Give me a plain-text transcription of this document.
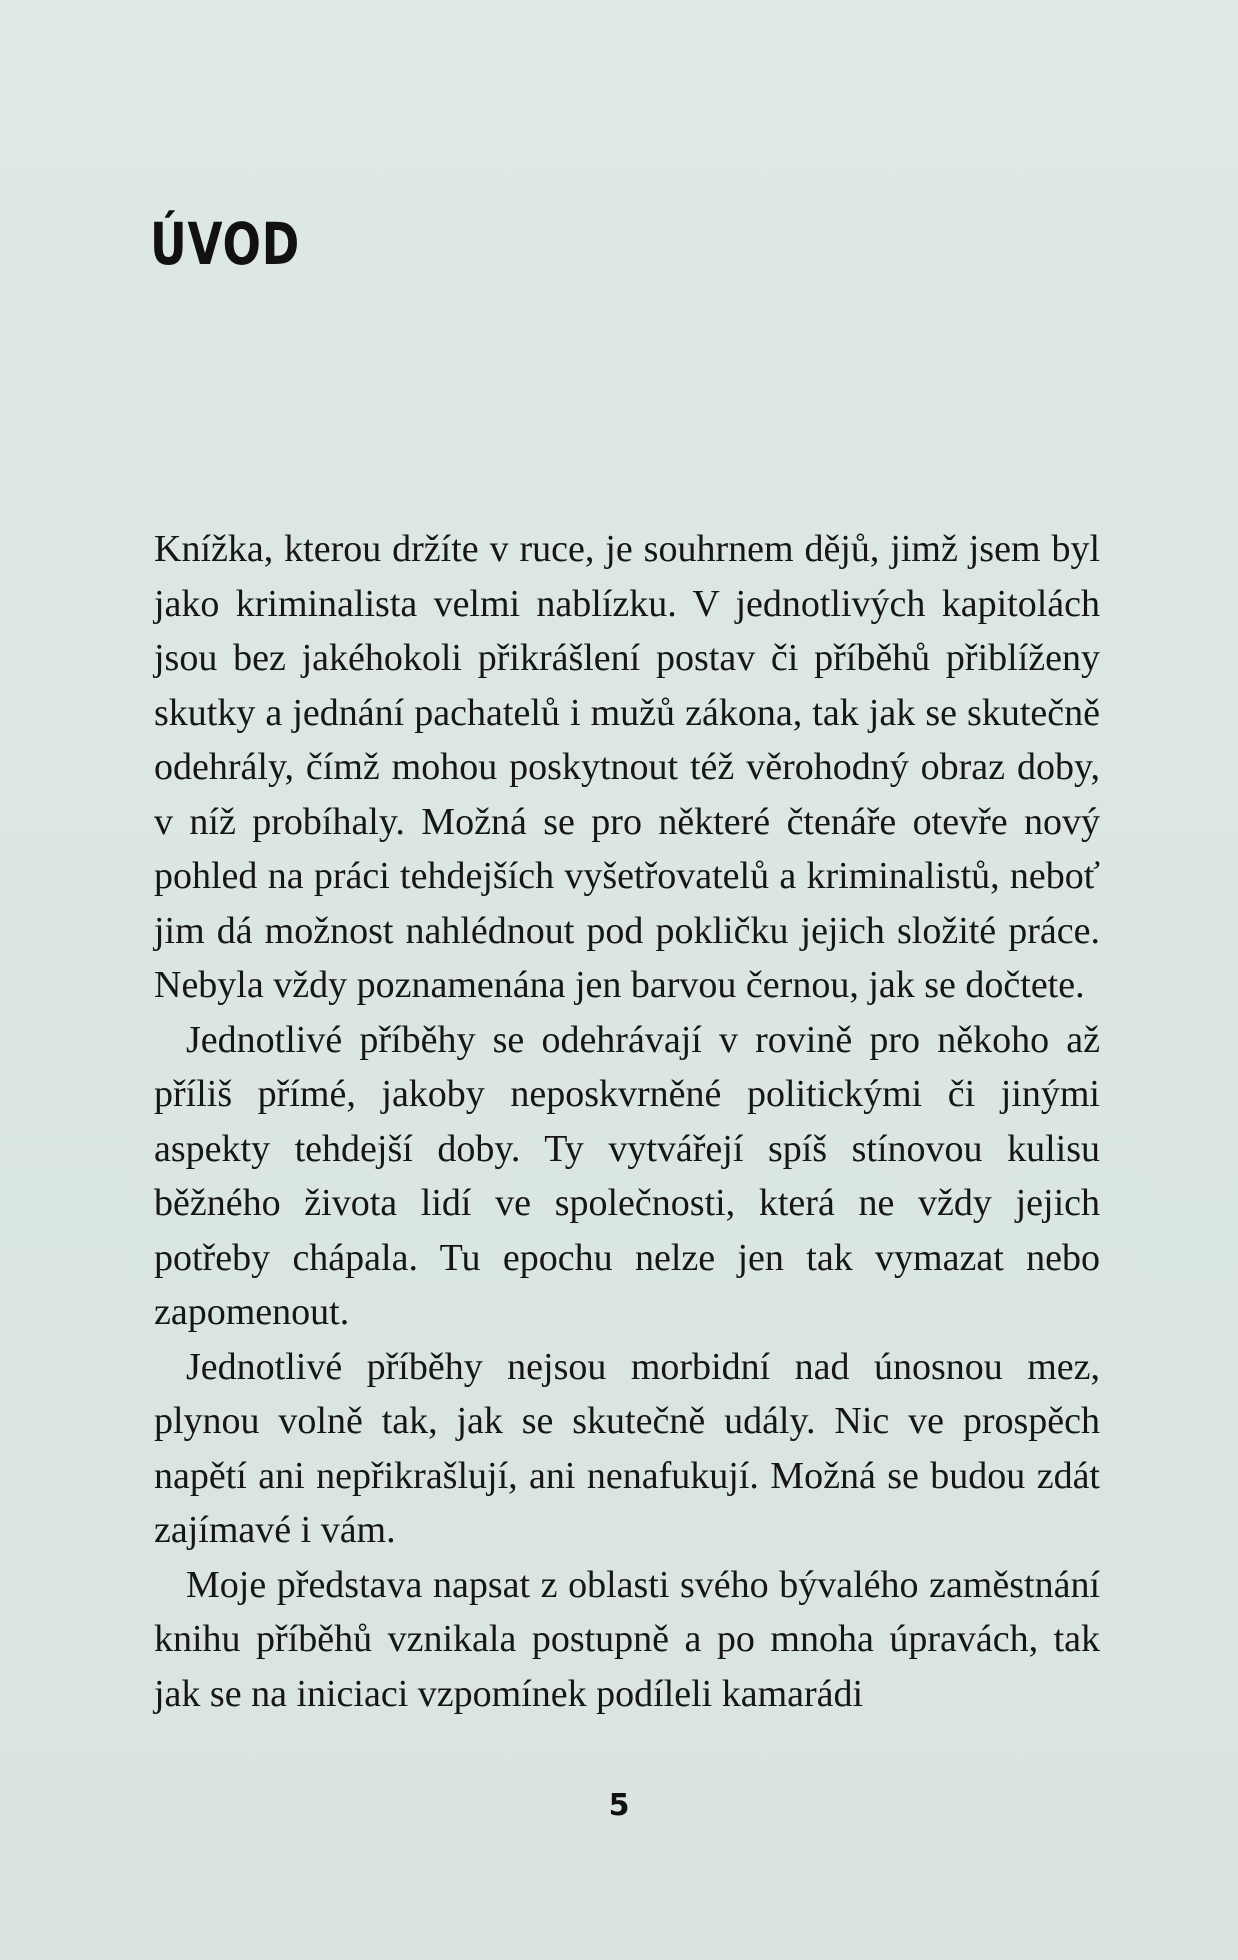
ÚVOD

Knížka, kterou držíte v ruce, je souhrnem dějů, jimž jsem byl jako kriminalista velmi nablízku. V jednotlivých kapitolách jsou bez jakéhokoli přikrášlení postav či příběhů přiblíženy skutky a jednání pachatelů i mužů zákona, tak jak se skutečně odehrály, čímž mohou poskytnout též věrohodný obraz doby, v níž probíhaly. Možná se pro některé čtenáře otevře nový pohled na práci tehdejších vyšetřovatelů a kriminalistů, neboť jim dá možnost nahlédnout pod pokličku jejich složité práce. Nebyla vždy poznamenána jen barvou černou, jak se dočtete.

Jednotlivé příběhy se odehrávají v rovině pro někoho až příliš přímé, jakoby neposkvrněné politickými či jinými aspekty tehdejší doby. Ty vytvářejí spíš stínovou kulisu běžného života lidí ve společnosti, která ne vždy jejich potřeby chápala. Tu epochu nelze jen tak vymazat nebo zapomenout.

Jednotlivé příběhy nejsou morbidní nad únosnou mez, plynou volně tak, jak se skutečně udály. Nic ve prospěch napětí ani nepřikrašlují, ani nenafukují. Možná se budou zdát zajímavé i vám.

Moje představa napsat z oblasti svého bývalého zaměstnání knihu příběhů vznikala postupně a po mnoha úpravách, tak jak se na iniciaci vzpomínek podíleli kamarádi

5
